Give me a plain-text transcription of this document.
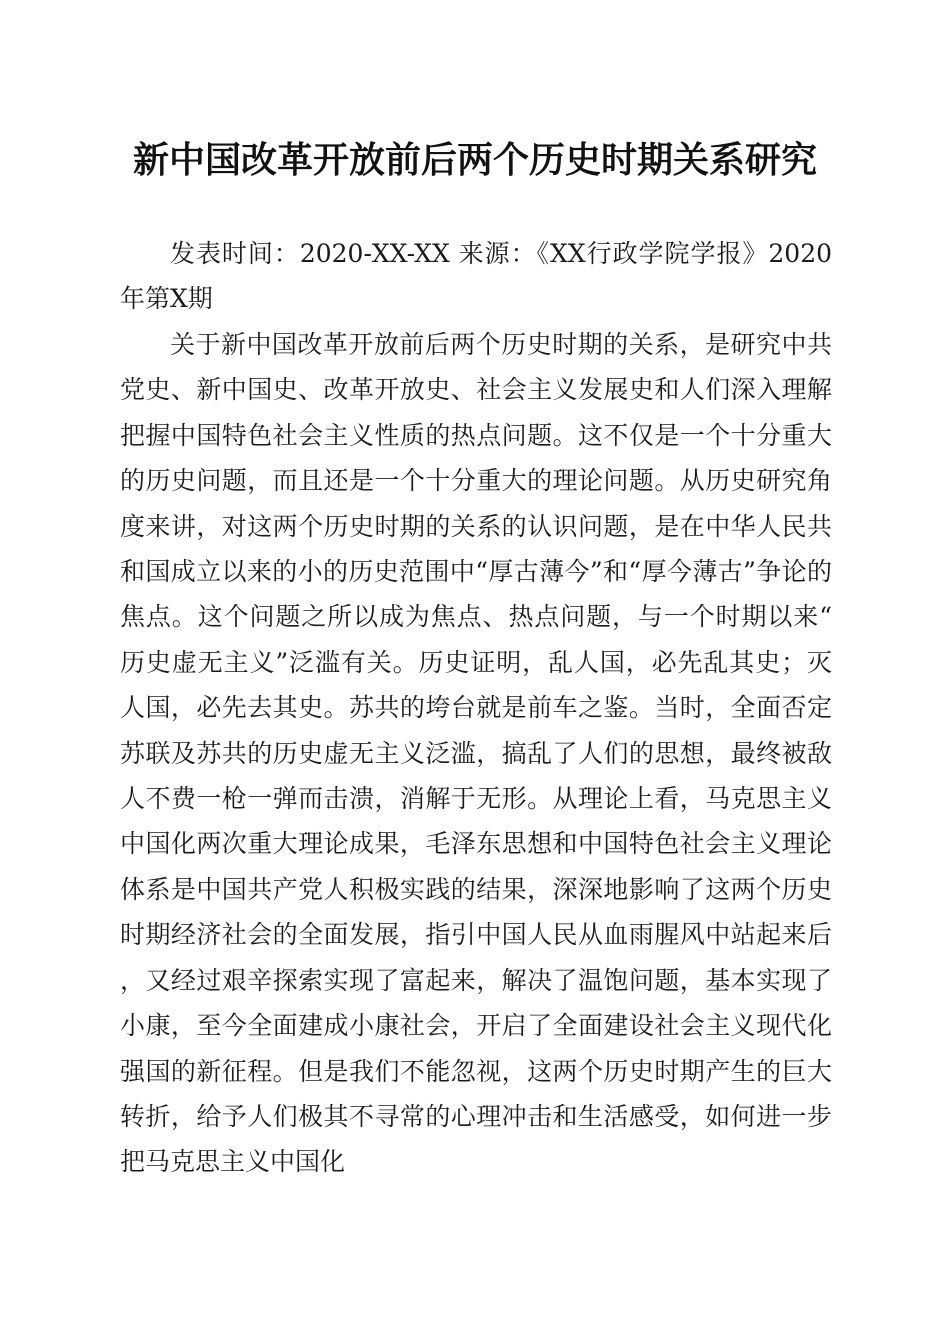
新中国改革开放前后两个历史时期关系研究

发表时间：2020-XX-XX 来源：《XX行政学院学报》2020年第X期

关于新中国改革开放前后两个历史时期的关系，是研究中共党史、新中国史、改革开放史、社会主义发展史和人们深入理解把握中国特色社会主义性质的热点问题。这不仅是一个十分重大的历史问题，而且还是一个十分重大的理论问题。从历史研究角度来讲，对这两个历史时期的关系的认识问题，是在中华人民共和国成立以来的小的历史范围中“厚古薄今”和“厚今薄古”争论的焦点。这个问题之所以成为焦点、热点问题，与一个时期以来“历史虚无主义”泛滥有关。历史证明，乱人国，必先乱其史；灭人国，必先去其史。苏共的垮台就是前车之鉴。当时，全面否定苏联及苏共的历史虚无主义泛滥，搞乱了人们的思想，最终被敌人不费一枪一弹而击溃，消解于无形。从理论上看，马克思主义中国化两次重大理论成果，毛泽东思想和中国特色社会主义理论体系是中国共产党人积极实践的结果，深深地影响了这两个历史时期经济社会的全面发展，指引中国人民从血雨腥风中站起来后，又经过艰辛探索实现了富起来，解决了温饱问题，基本实现了小康，至今全面建成小康社会，开启了全面建设社会主义现代化强国的新征程。但是我们不能忽视，这两个历史时期产生的巨大转折，给予人们极其不寻常的心理冲击和生活感受，如何进一步把马克思主义中国化
